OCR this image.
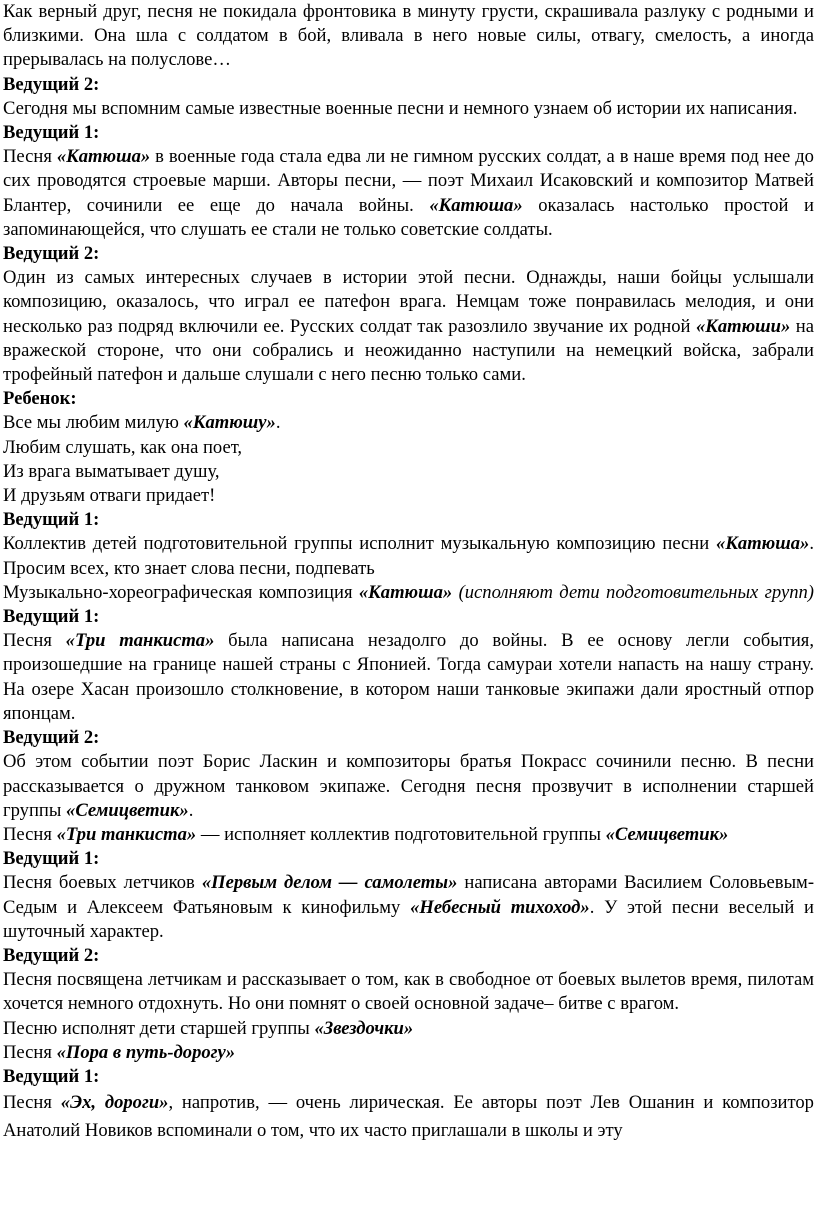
Как верный друг, песня не покидала фронтовика в минуту грусти, скрашивала разлуку с родными и близкими. Она шла с солдатом в бой, вливала в него новые силы, отвагу, смелость, а иногда прерывалась на полуслове…
Ведущий 2:
Сегодня мы вспомним самые известные военные песни и немного узнаем об истории их написания.
Ведущий 1:
Песня «Катюша» в военные года стала едва ли не гимном русских солдат, а в наше время под нее до сих проводятся строевые марши. Авторы песни, — поэт Михаил Исаковский и композитор Матвей Блантер, сочинили ее еще до начала войны. «Катюша» оказалась настолько простой и запоминающейся, что слушать ее стали не только советские солдаты.
Ведущий 2:
Один из самых интересных случаев в истории этой песни. Однажды, наши бойцы услышали композицию, оказалось, что играл ее патефон врага. Немцам тоже понравилась мелодия, и они несколько раз подряд включили ее. Русских солдат так разозлило звучание их родной «Катюши» на вражеской стороне, что они собрались и неожиданно наступили на немецкий войска, забрали трофейный патефон и дальше слушали с него песню только сами.
Ребенок:
Все мы любим милую «Катюшу».
Любим слушать, как она поет,
Из врага выматывает душу,
И друзьям отваги придает!
Ведущий 1:
Коллектив детей подготовительной группы исполнит музыкальную композицию песни «Катюша». Просим всех, кто знает слова песни, подпевать
Музыкально-хореографическая композиция «Катюша» (исполняют дети подготовительных групп)
Ведущий 1:
Песня «Три танкиста» была написана незадолго до войны. В ее основу легли события, произошедшие на границе нашей страны с Японией. Тогда самураи хотели напасть на нашу страну. На озере Хасан произошло столкновение, в котором наши танковые экипажи дали яростный отпор японцам.
Ведущий 2:
Об этом событии поэт Борис Ласкин и композиторы братья Покрасс сочинили песню. В песни рассказывается о дружном танковом экипаже. Сегодня песня прозвучит в исполнении старшей группы «Семицветик».
Песня «Три танкиста» — исполняет коллектив подготовительной группы «Семицветик»
Ведущий 1:
Песня боевых летчиков «Первым делом — самолеты» написана авторами Василием Соловьевым-Седым и Алексеем Фатьяновым к кинофильму «Небесный тихоход». У этой песни веселый и шуточный характер.
Ведущий 2:
Песня посвящена летчикам и рассказывает о том, как в свободное от боевых вылетов время, пилотам хочется немного отдохнуть. Но они помнят о своей основной задаче– битве с врагом.
Песню исполнят дети старшей группы «Звездочки»
Песня «Пора в путь-дорогу»
Ведущий 1:
Песня «Эх, дороги», напротив, — очень лирическая. Ее авторы поэт Лев Ошанин и композитор Анатолий Новиков вспоминали о том, что их часто приглашали в школы и эту
